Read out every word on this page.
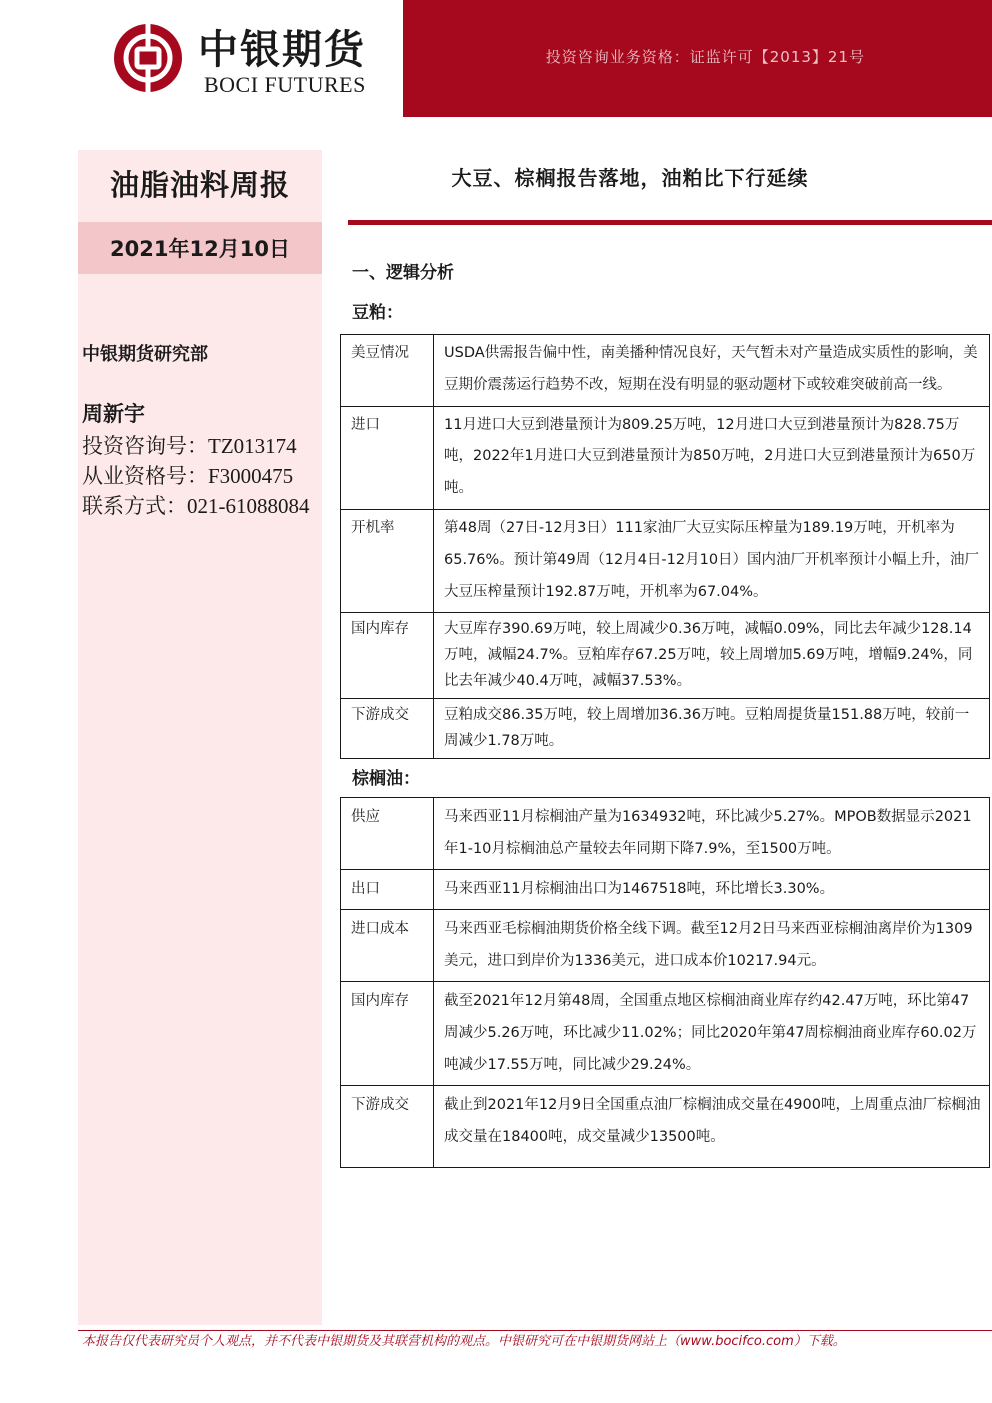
投资咨询业务资格：证监许可【2013】21号
中银期货
BOCI FUTURES
油脂油料周报
2021年12月10日
中银期货研究部
周新宇
投资咨询号：TZ013174
从业资格号：F3000475
联系方式：021-61088084
大豆、棕榈报告落地，油粕比下行延续
一、逻辑分析
豆粕：
美豆情况	USDA供需报告偏中性，南美播种情况良好，天气暂未对产量造成实质性的影响，美豆期价震荡运行趋势不改，短期在没有明显的驱动题材下或较难突破前高一线。
进口	11月进口大豆到港量预计为809.25万吨，12月进口大豆到港量预计为828.75万吨，2022年1月进口大豆到港量预计为850万吨，2月进口大豆到港量预计为650万吨。
开机率	第48周（27日-12月3日）111家油厂大豆实际压榨量为189.19万吨，开机率为65.76%。预计第49周（12月4日-12月10日）国内油厂开机率预计小幅上升，油厂大豆压榨量预计192.87万吨，开机率为67.04%。
国内库存	大豆库存390.69万吨，较上周减少0.36万吨，减幅0.09%，同比去年减少128.14万吨，减幅24.7%。豆粕库存67.25万吨，较上周增加5.69万吨，增幅9.24%，同比去年减少40.4万吨，减幅37.53%。
下游成交	豆粕成交86.35万吨，较上周增加36.36万吨。豆粕周提货量151.88万吨，较前一周减少1.78万吨。
棕榈油：
供应	马来西亚11月棕榈油产量为1634932吨，环比减少5.27%。MPOB数据显示2021年1-10月棕榈油总产量较去年同期下降7.9%，至1500万吨。
出口	马来西亚11月棕榈油出口为1467518吨，环比增长3.30%。
进口成本	马来西亚毛棕榈油期货价格全线下调。截至12月2日马来西亚棕榈油离岸价为1309美元，进口到岸价为1336美元，进口成本价10217.94元。
国内库存	截至2021年12月第48周，全国重点地区棕榈油商业库存约42.47万吨，环比第47周减少5.26万吨，环比减少11.02%；同比2020年第47周棕榈油商业库存60.02万吨减少17.55万吨，同比减少29.24%。
下游成交	截止到2021年12月9日全国重点油厂棕榈油成交量在4900吨，上周重点油厂棕榈油成交量在18400吨，成交量减少13500吨。
本报告仅代表研究员个人观点，并不代表中银期货及其联营机构的观点。中银研究可在中银期货网站上（www.bocifco.com）下载。
